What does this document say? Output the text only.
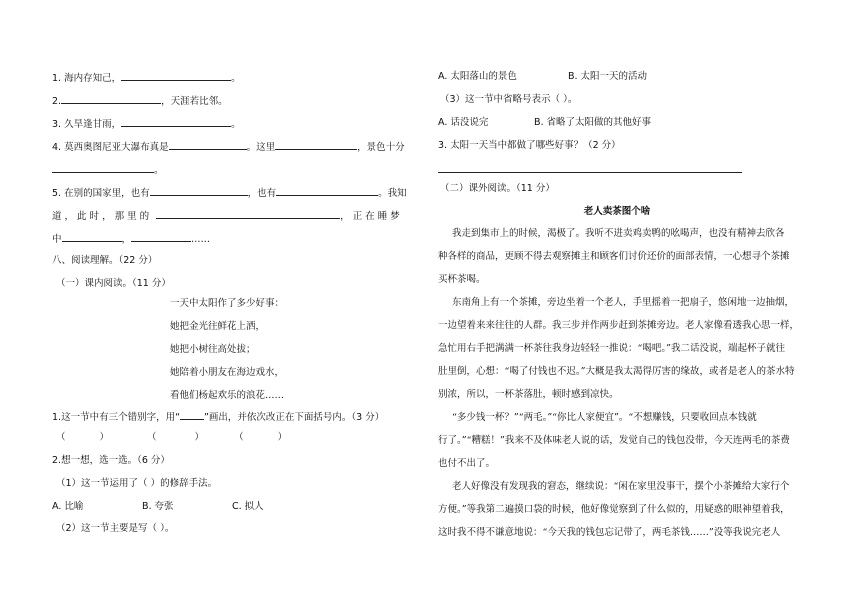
1. 海内存知己，	。
2.	，天涯若比邻。
3. 久旱逢甘雨，	。
4. 莫西奥图尼亚大瀑布真是	。这里	，景色十分
。
5. 在别的国家里，也有	，也有	。我知
道 ， 此 时 ， 那 里 的	， 正 在 睡 梦
中	，	……
八、阅读理解。（22 分）
（一）课内阅读。（11 分）
一天中太阳作了多少好事：
她把金光往鲜花上洒，
她把小树往高处拔；
她陪着小朋友在海边戏水，
看他们杨起欢乐的浪花……
1.这一节中有三个错别字，用“	”画出，并依次改正在下面括号内。（3 分）
（	）	（	）	（	）
2.想一想，选一选。（6 分）
（1）这一节运用了（ ）的修辞手法。
A. 比喻	B. 夸张	C. 拟人
（2）这一节主要是写（ ）。
A. 太阳落山的景色	B. 太阳一天的活动
（3）这一节中省略号表示（ ）。
A. 话没说完	B. 省略了太阳做的其他好事
3. 太阳一天当中都做了哪些好事？（2 分）
（二）课外阅读。（11 分）
老人卖茶图个啥
我走到集市上的时候，渴极了。我听不进卖鸡卖鸭的吆喝声，也没有精神去欣各
种各样的商品，更顾不得去观察摊主和顾客们讨价还价的面部表情，一心想寻个茶摊
买杯茶喝。
东南角上有一个茶摊，旁边坐着一个老人，手里摇着一把扇子，悠闲地一边抽烟，
一边望着来来往往的人群。我三步并作两步赶到茶摊旁边。老人家像看透我心思一样，
急忙用右手把满满一杯茶往我身边轻轻一推说：“喝吧。”我二话没说，端起杯子就往
肚里倒，心想：“喝了付钱也不迟。”大概是我太渴得厉害的缘故，或者是老人的茶水特
别浓，所以，一杯茶落肚，顿时感到凉快。
“多少钱一杯？”“两毛。”“你比人家便宜”。“不想赚钱，只要收回点本钱就
行了。”“糟糕！”我来不及体味老人说的话，发觉自己的钱包没带，今天连两毛的茶费
也付不出了。
老人好像没有发现我的窘态，继续说：“闲在家里没事干，摆个小茶摊给大家行个
方便。”等我第二遍摸口袋的时候，他好像觉察到了什么似的，用疑惑的眼神望着我，
这时我不得不谦意地说：“今天我的钱包忘记带了，两毛茶钱……”没等我说完老人
